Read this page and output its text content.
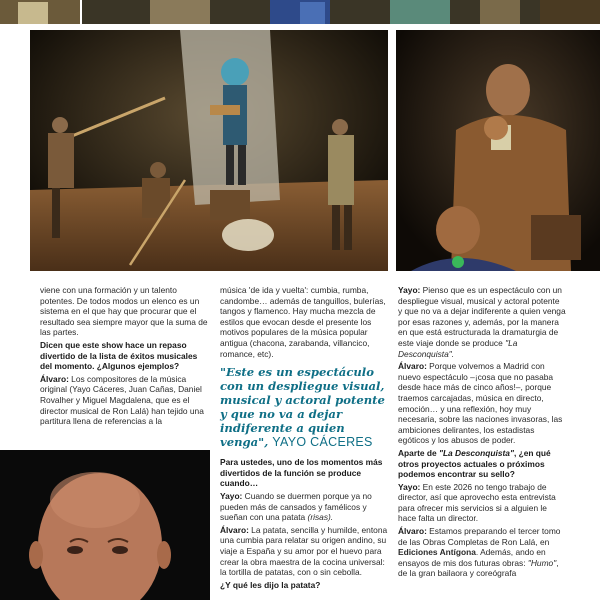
viene con una formación y un talento potentes. De todos modos un elenco es un sistema en el que hay que procurar que el resultado sea siempre mayor que la suma de las partes.

Dicen que este show hace un repaso divertido de la lista de éxitos musicales del momento. ¿Algunos ejemplos?

Álvaro: Los compositores de la música original (Yayo Cáceres, Juan Cañas, Daniel Rovalher y Miguel Magdalena, que es el director musical de Ron Lalá) han tejido una partitura llena de referencias a la

música 'de ida y vuelta': cumbia, rumba, candombe… además de tanguillos, bulerías, tangos y flamenco. Hay mucha mezcla de estilos que evocan desde el presente los motivos populares de la música popular antigua (chacona, zarabanda, villancico, romance, etc).

"Este es un espectáculo con un despliegue visual, musical y actoral potente y que no va a dejar indiferente a quien venga", YAYO CÁCERES

Para ustedes, uno de los momentos más divertidos de la función se produce cuando…

Yayo: Cuando se duermen porque ya no pueden más de cansados y famélicos y sueñan con una patata (risas).

Álvaro: La patata, sencilla y humilde, entona una cumbia para relatar su origen andino, su viaje a España y su amor por el huevo para crear la obra maestra de la cocina universal: la tortilla de patatas, con o sin cebolla.

¿Y qué les dijo la patata?

Yayo: Pienso que es un espectáculo con un despliegue visual, musical y actoral potente y que no va a dejar indiferente a quien venga por esas razones y, además, por la manera en que está estructurada la dramaturgia de este viaje donde se produce "La Desconquista".

Álvaro: Porque volvemos a Madrid con nuevo espectáculo –¡cosa que no pasaba desde hace más de cinco años!–, porque traemos carcajadas, música en directo, emoción… y una reflexión, hoy muy necesaria, sobre las naciones invasoras, las ambiciones delirantes, los estadistas egóticos y los abusos de poder.

Aparte de "La Desconquista", ¿en qué otros proyectos actuales o próximos podemos encontrar su sello?

Yayo: En este 2026 no tengo trabajo de director, así que aprovecho esta entrevista para ofrecer mis servicios si a alguien le hace falta un director.

Álvaro: Estamos preparando el tercer tomo de las Obras Completas de Ron Lalá, en Ediciones Antígona. Además, ando en ensayos de mis dos futuras obras: "Humo", de la gran bailaora y coreógrafa
